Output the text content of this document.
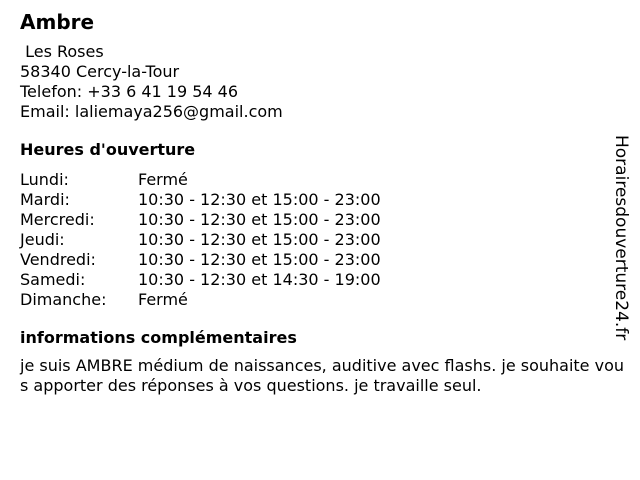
Ambre
Les Roses
58340 Cercy-la-Tour
Telefon: +33 6 41 19 54 46
Email: laliemaya256@gmail.com
Heures d'ouverture
Lundi:	Fermé
Mardi:	10:30 - 12:30 et 15:00 - 23:00
Mercredi:	10:30 - 12:30 et 15:00 - 23:00
Jeudi:	10:30 - 12:30 et 15:00 - 23:00
Vendredi:	10:30 - 12:30 et 15:00 - 23:00
Samedi:	10:30 - 12:30 et 14:30 - 19:00
Dimanche:	Fermé
informations complémentaires
je suis AMBRE médium de naissances, auditive avec flashs. je souhaite vous apporter des réponses à vos questions. je travaille seul.
Horairesdouverture24.fr
